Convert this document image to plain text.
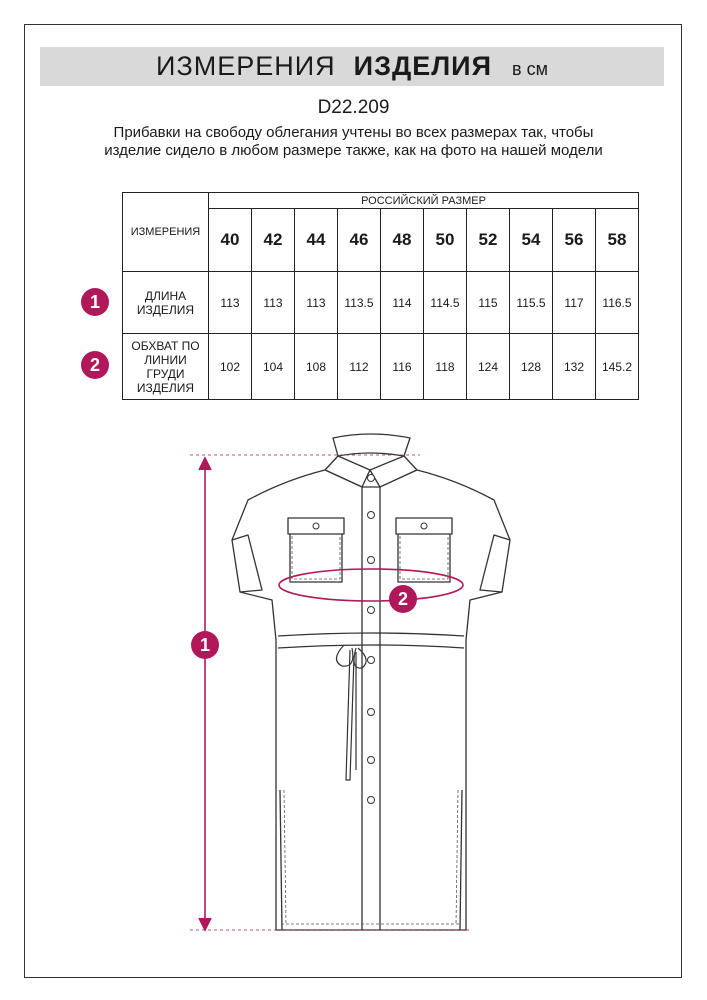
ИЗМЕРЕНИЯ ИЗДЕЛИЯ в см
D22.209
Прибавки на свободу облегания учтены во всех размерах так, чтобы изделие сидело в любом размере также, как на фото на нашей модели
ИЗМЕРЕНИЯ	РОССИЙСКИЙ РАЗМЕР									
	40	42	44	46	48	50	52	54	56	58
ДЛИНА
ИЗДЕЛИЯ	113	113	113	113.5	114	114.5	115	115.5	117	116.5
ОБХВАТ ПО
ЛИНИИ
ГРУДИ
ИЗДЕЛИЯ	102	104	108	112	116	118	124	128	132	145.2
1
2
1
2
